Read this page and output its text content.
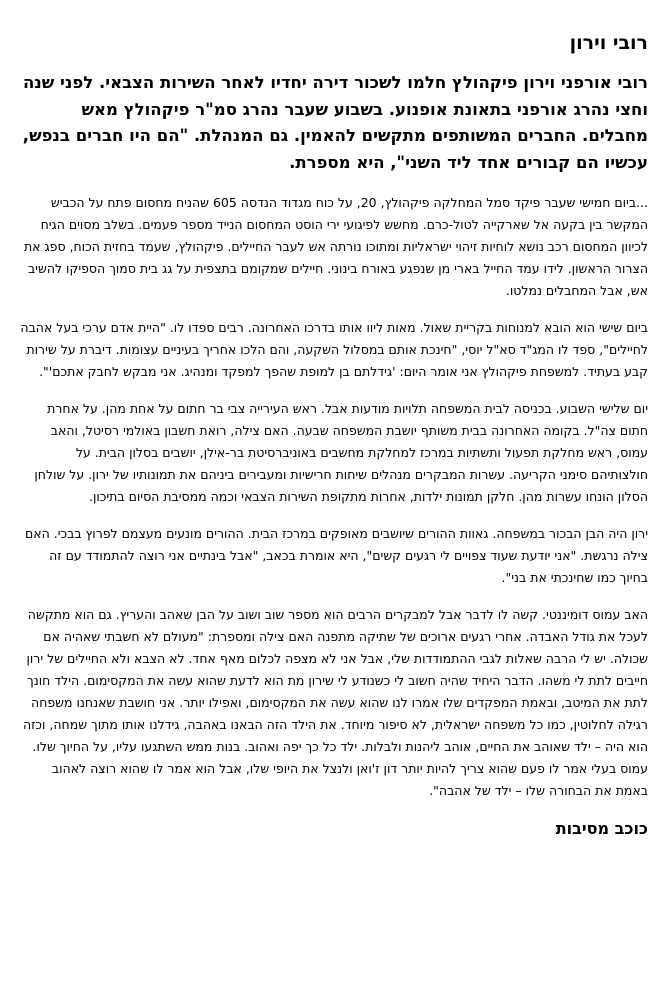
רובי וירון

רובי אורפני וירון פיקהולץ חלמו לשכור דירה יחדיו לאחר השירות הצבאי. לפני שנה וחצי נהרג אורפני בתאונת אופנוע. בשבוע שעבר נהרג סמ"ר פיקהולץ מאש מחבלים. החברים המשותפים מתקשים להאמין. גם המנהלת. "הם היו חברים בנפש, עכשיו הם קבורים אחד ליד השני", היא מספרת.

...ביום חמישי שעבר פיקד סמל המחלקה פיקהולץ, 20, על כוח מגדוד הנדסה 605 שהניח מחסום פתח על הכביש המקשר בין בקעה אל שארקייה לטול-כרם. מחשש לפיגועי ירי הוסט המחסום הנייד מספר פעמים. בשלב מסוים הגיח לכיוון המחסום רכב נושא לוחיות זיהוי ישראליות ומתוכו נורתה אש לעבר החיילים. פיקהולץ, שעמד בחזית הכוח, ספג את הצרור הראשון. לידו עמד החייל בארי מן שנפגע באורח בינוני. חיילים שמקומם בתצפית על גג בית סמוך הספיקו להשיב אש, אבל המחבלים נמלטו.

ביום שישי הוא הובא למנוחות בקריית שאול. מאות ליוו אותו בדרכו האחרונה. רבים ספדו לו. "היית אדם ערכי בעל אהבה לחיילים", ספד לו המג"ד סא"ל יוסי, "חינכת אותם במסלול השקעה, והם הלכו אחריך בעיניים עצומות. דיברת על שירות קבע בעתיד. למשפחת פיקהולץ אני אומר היום: 'גידלתם בן למופת שהפך למפקד ומנהיג. אני מבקש לחבק אתכם'".

יום שלישי השבוע. בכניסה לבית המשפחה תלויות מודעות אבל. ראש העירייה צבי בר חתום על אחת מהן. על אחרת חתום צה"ל. בקומה האחרונה בבית משותף יושבת המשפחה שבעה. האם צילה, רואת חשבון באולמי רסיטל, והאב עמוס, ראש מחלקת תפעול ותשתיות במרכז למחלקת מחשבים באוניברסיטת בר-אילן, יושבים בסלון הבית. על חולצותיהם סימני הקריעה. עשרות המבקרים מנהלים שיחות חרישיות ומעבירים ביניהם את תמונותיו של ירון. על שולחן הסלון הונחו עשרות מהן. חלקן תמונות ילדות, אחרות מתקופת השירות הצבאי וכמה ממסיבת הסיום בתיכון.

ירון היה הבן הבכור במשפחה. גאוות ההורים שיושבים מאופקים במרכז הבית. ההורים מונעים מעצמם לפרוץ בבכי. האם צילה נרגשת. "אני יודעת שעוד צפויים לי רגעים קשים", היא אומרת בכאב, "אבל בינתיים אני רוצה להתמודד עם זה בחיוך כמו שחינכתי את בני".

האב עמוס דומיננטי. קשה לו לדבר אבל למבקרים הרבים הוא מספר שוב ושוב על הבן שאהב והעריץ. גם הוא מתקשה לעכל את גודל האבדה. אחרי רגעים ארוכים של שתיקה מתפנה האם צילה ומספרת: "מעולם לא חשבתי שאהיה אם שכולה. יש לי הרבה שאלות לגבי ההתמודדות שלי, אבל אני לא מצפה לכלום מאף אחד. לא הצבא ולא החיילים של ירון חייבים לתת לי משהו. הדבר היחיד שהיה חשוב לי כשנודע לי שירון מת הוא לדעת שהוא עשה את המקסימום. הילד חונך לתת את המיטב, ובאמת המפקדים שלו אמרו לנו שהוא עשה את המקסימום, ואפילו יותר. אני חושבת שאנחנו משפחה רגילה לחלוטין, כמו כל משפחה ישראלית, לא סיפור מיוחד. את הילד הזה הבאנו באהבה, גידלנו אותו מתוך שמחה, וכזה הוא היה – ילד שאוהב את החיים, אוהב ליהנות ולבלות. ילד כל כך יפה ואהוב. בנות ממש השתגעו עליו, על החיוך שלו. עמוס בעלי אמר לו פעם שהוא צריך להיות יותר דון ז'ואן ולנצל את היופי שלו, אבל הוא אמר לו שהוא רוצה לאהוב באמת את הבחורה שלו – ילד של אהבה".

כוכב מסיבות
